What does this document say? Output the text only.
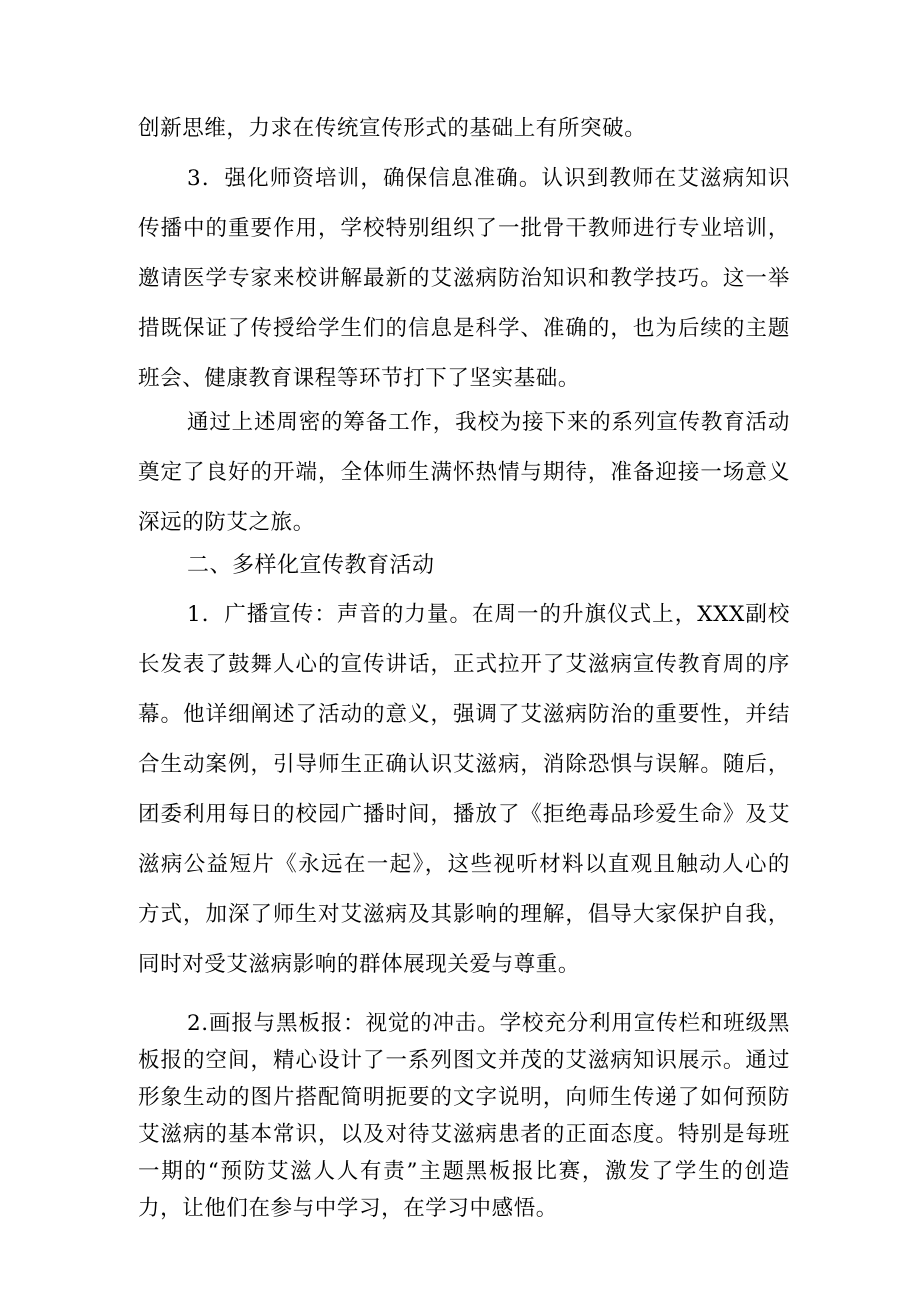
创新思维，力求在传统宣传形式的基础上有所突破。

3．强化师资培训，确保信息准确。认识到教师在艾滋病知识传播中的重要作用，学校特别组织了一批骨干教师进行专业培训，邀请医学专家来校讲解最新的艾滋病防治知识和教学技巧。这一举措既保证了传授给学生们的信息是科学、准确的，也为后续的主题班会、健康教育课程等环节打下了坚实基础。

通过上述周密的筹备工作，我校为接下来的系列宣传教育活动奠定了良好的开端，全体师生满怀热情与期待，准备迎接一场意义深远的防艾之旅。

二、多样化宣传教育活动

1．广播宣传：声音的力量。在周一的升旗仪式上，XXX副校长发表了鼓舞人心的宣传讲话，正式拉开了艾滋病宣传教育周的序幕。他详细阐述了活动的意义，强调了艾滋病防治的重要性，并结合生动案例，引导师生正确认识艾滋病，消除恐惧与误解。随后，团委利用每日的校园广播时间，播放了《拒绝毒品珍爱生命》及艾滋病公益短片《永远在一起》，这些视听材料以直观且触动人心的方式，加深了师生对艾滋病及其影响的理解，倡导大家保护自我，同时对受艾滋病影响的群体展现关爱与尊重。

2.画报与黑板报：视觉的冲击。学校充分利用宣传栏和班级黑板报的空间，精心设计了一系列图文并茂的艾滋病知识展示。通过形象生动的图片搭配简明扼要的文字说明，向师生传递了如何预防艾滋病的基本常识，以及对待艾滋病患者的正面态度。特别是每班一期的“预防艾滋人人有责”主题黑板报比赛，激发了学生的创造力，让他们在参与中学习，在学习中感悟。
